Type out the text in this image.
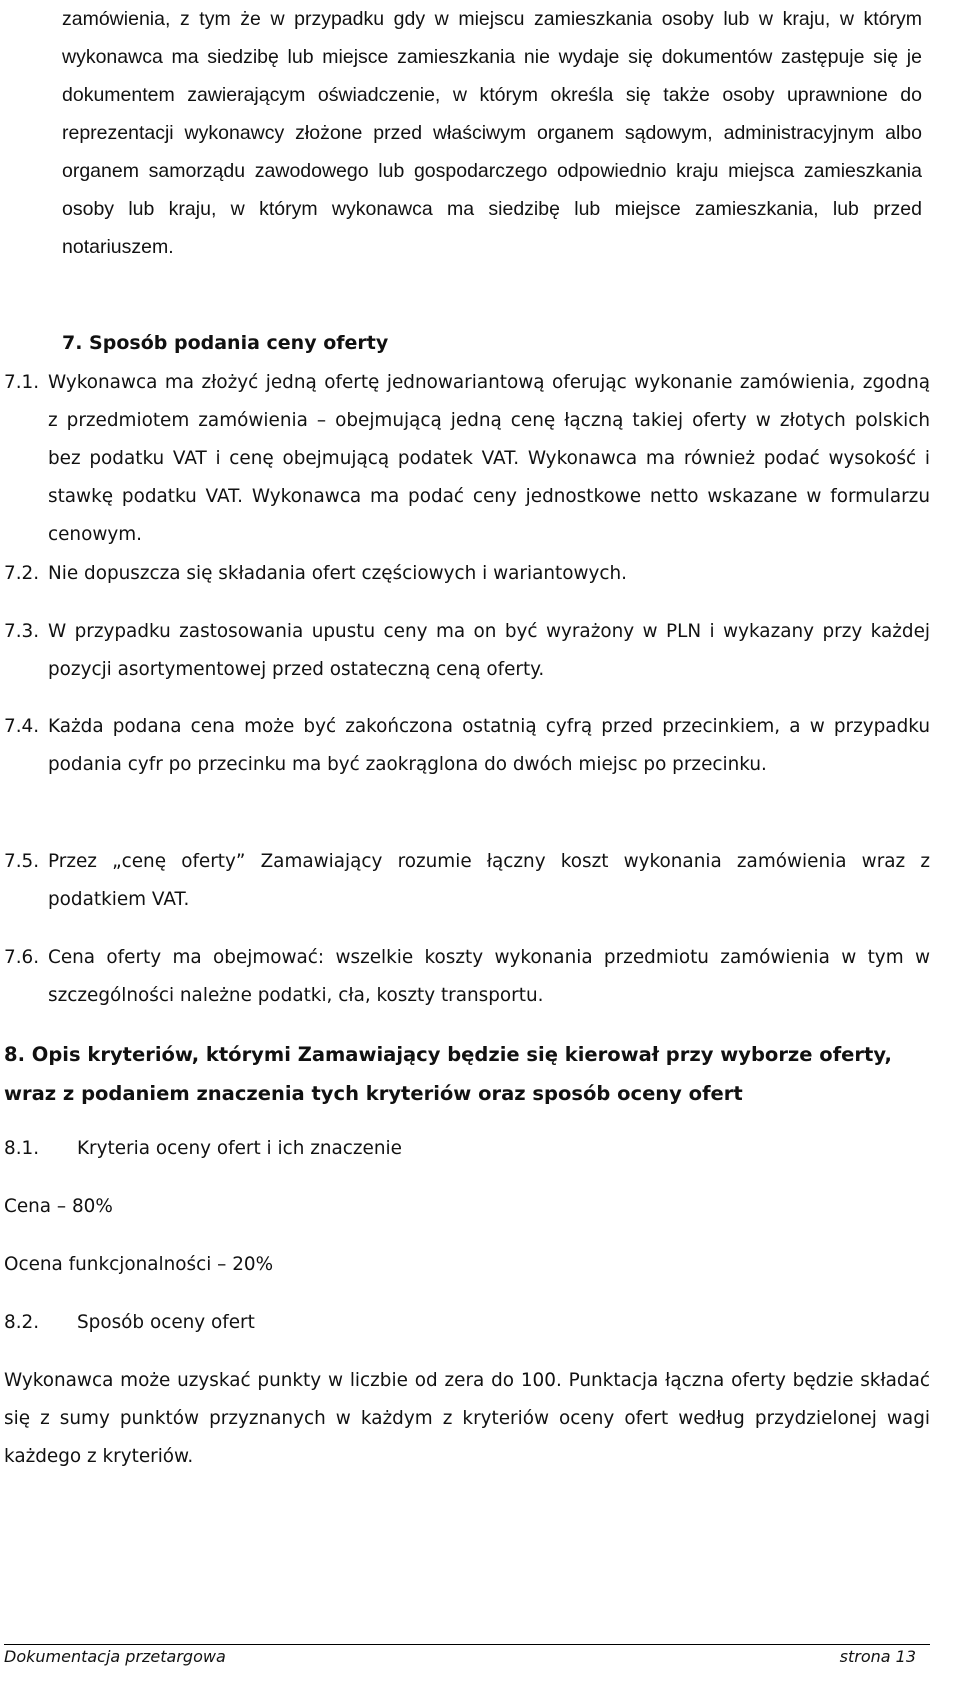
zamówienia, z tym że w przypadku gdy w miejscu zamieszkania osoby lub w kraju, w którym wykonawca ma siedzibę lub miejsce zamieszkania nie wydaje się dokumentów zastępuje się je dokumentem zawierającym oświadczenie, w którym określa się także osoby uprawnione do reprezentacji wykonawcy złożone przed właściwym organem sądowym, administracyjnym albo organem samorządu zawodowego lub gospodarczego odpowiednio kraju miejsca zamieszkania osoby lub kraju, w którym wykonawca ma siedzibę lub miejsce zamieszkania, lub przed notariuszem.

7. Sposób podania ceny oferty
7.1. Wykonawca ma złożyć jedną ofertę jednowariantową oferując wykonanie zamówienia, zgodną z przedmiotem zamówienia – obejmującą jedną cenę łączną takiej oferty w złotych polskich bez podatku VAT i cenę obejmującą podatek VAT. Wykonawca ma również podać wysokość i stawkę podatku VAT. Wykonawca ma podać ceny jednostkowe netto wskazane w formularzu cenowym.

7.2. Nie dopuszcza się składania ofert częściowych i wariantowych.

7.3. W przypadku zastosowania upustu ceny ma on być wyrażony w PLN i wykazany przy każdej pozycji asortymentowej przed ostateczną ceną oferty.

7.4. Każda podana cena może być zakończona ostatnią cyfrą przed przecinkiem, a w przypadku podania cyfr po przecinku ma być zaokrąglona do dwóch miejsc po przecinku.

7.5. Przez „cenę oferty” Zamawiający rozumie łączny koszt wykonania zamówienia wraz z podatkiem VAT.

7.6. Cena oferty ma obejmować: wszelkie koszty wykonania przedmiotu zamówienia w tym w szczególności należne podatki, cła, koszty transportu.

8. Opis kryteriów, którymi Zamawiający będzie się kierował przy wyborze oferty, wraz z podaniem znaczenia tych kryteriów oraz sposób oceny ofert

8.1. Kryteria oceny ofert i ich znaczenie

Cena – 80%

Ocena funkcjonalności – 20%

8.2. Sposób oceny ofert

Wykonawca może uzyskać punkty w liczbie od zera do 100. Punktacja łączna oferty będzie składać się z sumy punktów przyznanych w każdym z kryteriów oceny ofert według przydzielonej wagi każdego z kryteriów.

Dokumentacja przetargowa	strona 13
